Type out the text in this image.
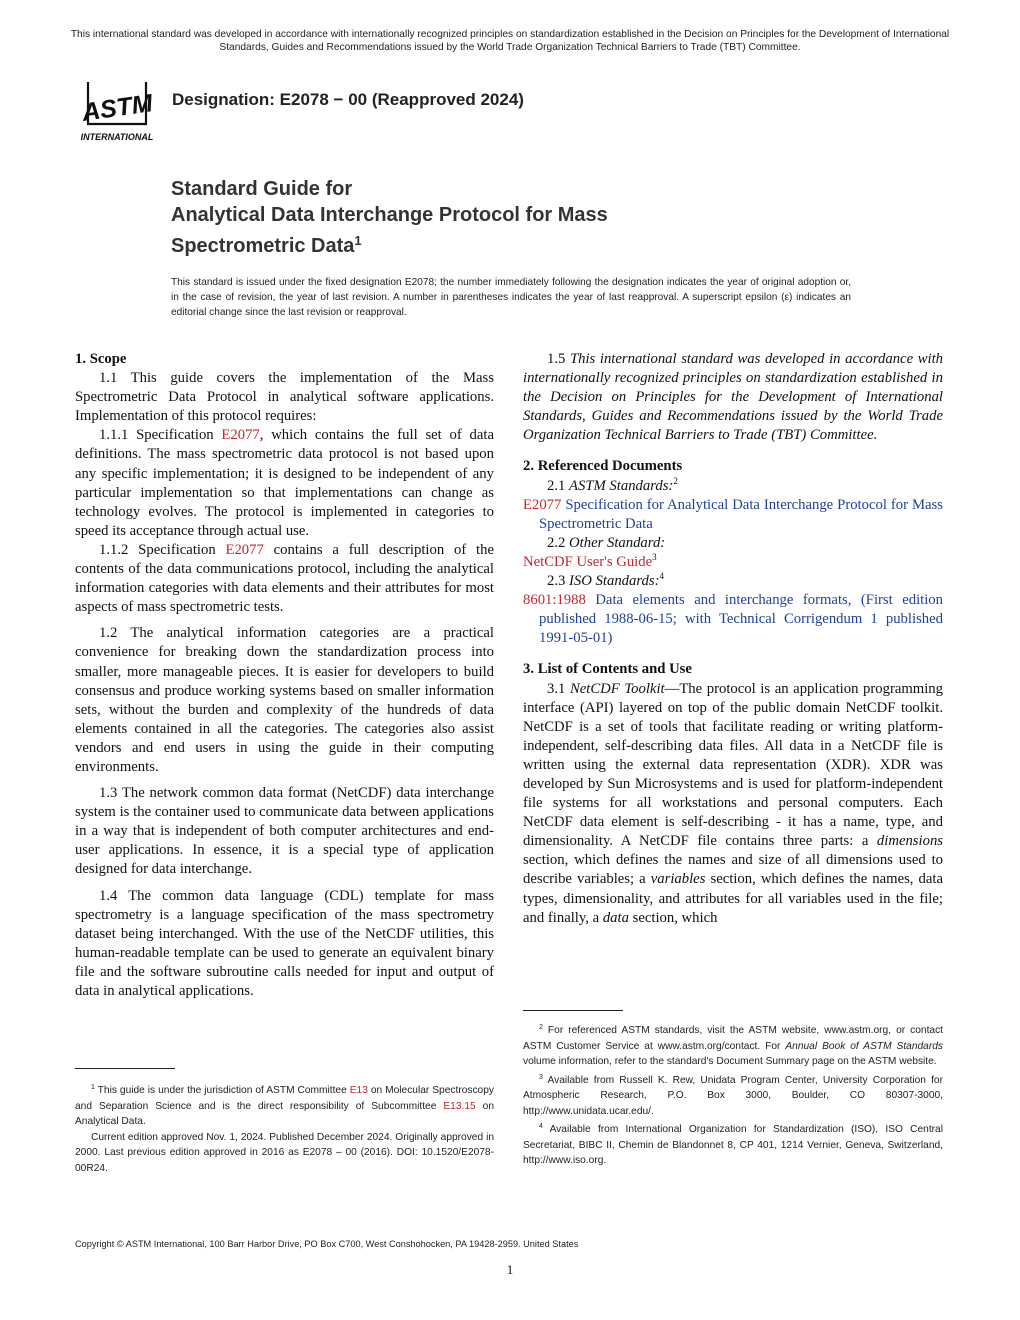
This international standard was developed in accordance with internationally recognized principles on standardization established in the Decision on Principles for the Development of International Standards, Guides and Recommendations issued by the World Trade Organization Technical Barriers to Trade (TBT) Committee.
ASTM
INTERNATIONAL
Designation: E2078 − 00 (Reapproved 2024)
Standard Guide for
Analytical Data Interchange Protocol for Mass
Spectrometric Data$^1$
This standard is issued under the fixed designation E2078; the number immediately following the designation indicates the year of original adoption or, in the case of revision, the year of last revision. A number in parentheses indicates the year of last reapproval. A superscript epsilon (ε) indicates an editorial change since the last revision or reapproval.

1. Scope

1.1 This guide covers the implementation of the Mass Spectrometric Data Protocol in analytical software applications. Implementation of this protocol requires:

1.1.1 Specification E2077, which contains the full set of data definitions. The mass spectrometric data protocol is not based upon any specific implementation; it is designed to be independent of any particular implementation so that implementations can change as technology evolves. The protocol is implemented in categories to speed its acceptance through actual use.

1.1.2 Specification E2077 contains a full description of the contents of the data communications protocol, including the analytical information categories with data elements and their attributes for most aspects of mass spectrometric tests.

1.2 The analytical information categories are a practical convenience for breaking down the standardization process into smaller, more manageable pieces. It is easier for developers to build consensus and produce working systems based on smaller information sets, without the burden and complexity of the hundreds of data elements contained in all the categories. The categories also assist vendors and end users in using the guide in their computing environments.

1.3 The network common data format (NetCDF) data interchange system is the container used to communicate data between applications in a way that is independent of both computer architectures and end-user applications. In essence, it is a special type of application designed for data interchange.

1.4 The common data language (CDL) template for mass spectrometry is a language specification of the mass spectrometry dataset being interchanged. With the use of the NetCDF utilities, this human-readable template can be used to generate an equivalent binary file and the software subroutine calls needed for input and output of data in analytical applications.

1.5 This international standard was developed in accordance with internationally recognized principles on standardization established in the Decision on Principles for the Development of International Standards, Guides and Recommendations issued by the World Trade Organization Technical Barriers to Trade (TBT) Committee.

2. Referenced Documents

2.1 ASTM Standards:$^2$

E2077 Specification for Analytical Data Interchange Protocol for Mass Spectrometric Data

2.2 Other Standard:

NetCDF User's Guide$^3$

2.3 ISO Standards:$^4$

8601:1988 Data elements and interchange formats, (First edition published 1988-06-15; with Technical Corrigendum 1 published 1991-05-01)

3. List of Contents and Use

3.1 NetCDF Toolkit—The protocol is an application programming interface (API) layered on top of the public domain NetCDF toolkit. NetCDF is a set of tools that facilitate reading or writing platform-independent, self-describing data files. All data in a NetCDF file is written using the external data representation (XDR). XDR was developed by Sun Microsystems and is used for platform-independent file systems for all workstations and personal computers. Each NetCDF data element is self-describing - it has a name, type, and dimensionality. A NetCDF file contains three parts: a dimensions section, which defines the names and size of all dimensions used to describe variables; a variables section, which defines the names, data types, dimensionality, and attributes for all variables used in the file; and finally, a data section, which

$^1$ This guide is under the jurisdiction of ASTM Committee E13 on Molecular Spectroscopy and Separation Science and is the direct responsibility of Subcommittee E13.15 on Analytical Data.

Current edition approved Nov. 1, 2024. Published December 2024. Originally approved in 2000. Last previous edition approved in 2016 as E2078 – 00 (2016). DOI: 10.1520/E2078-00R24.

$^2$ For referenced ASTM standards, visit the ASTM website, www.astm.org, or contact ASTM Customer Service at www.astm.org/contact. For Annual Book of ASTM Standards volume information, refer to the standard's Document Summary page on the ASTM website.

$^3$ Available from Russell K. Rew, Unidata Program Center, University Corporation for Atmospheric Research, P.O. Box 3000, Boulder, CO 80307-3000, http://www.unidata.ucar.edu/.

$^4$ Available from International Organization for Standardization (ISO), ISO Central Secretariat, BIBC II, Chemin de Blandonnet 8, CP 401, 1214 Vernier, Geneva, Switzerland, http://www.iso.org.

Copyright © ASTM International, 100 Barr Harbor Drive, PO Box C700, West Conshohocken, PA 19428-2959. United States
1
